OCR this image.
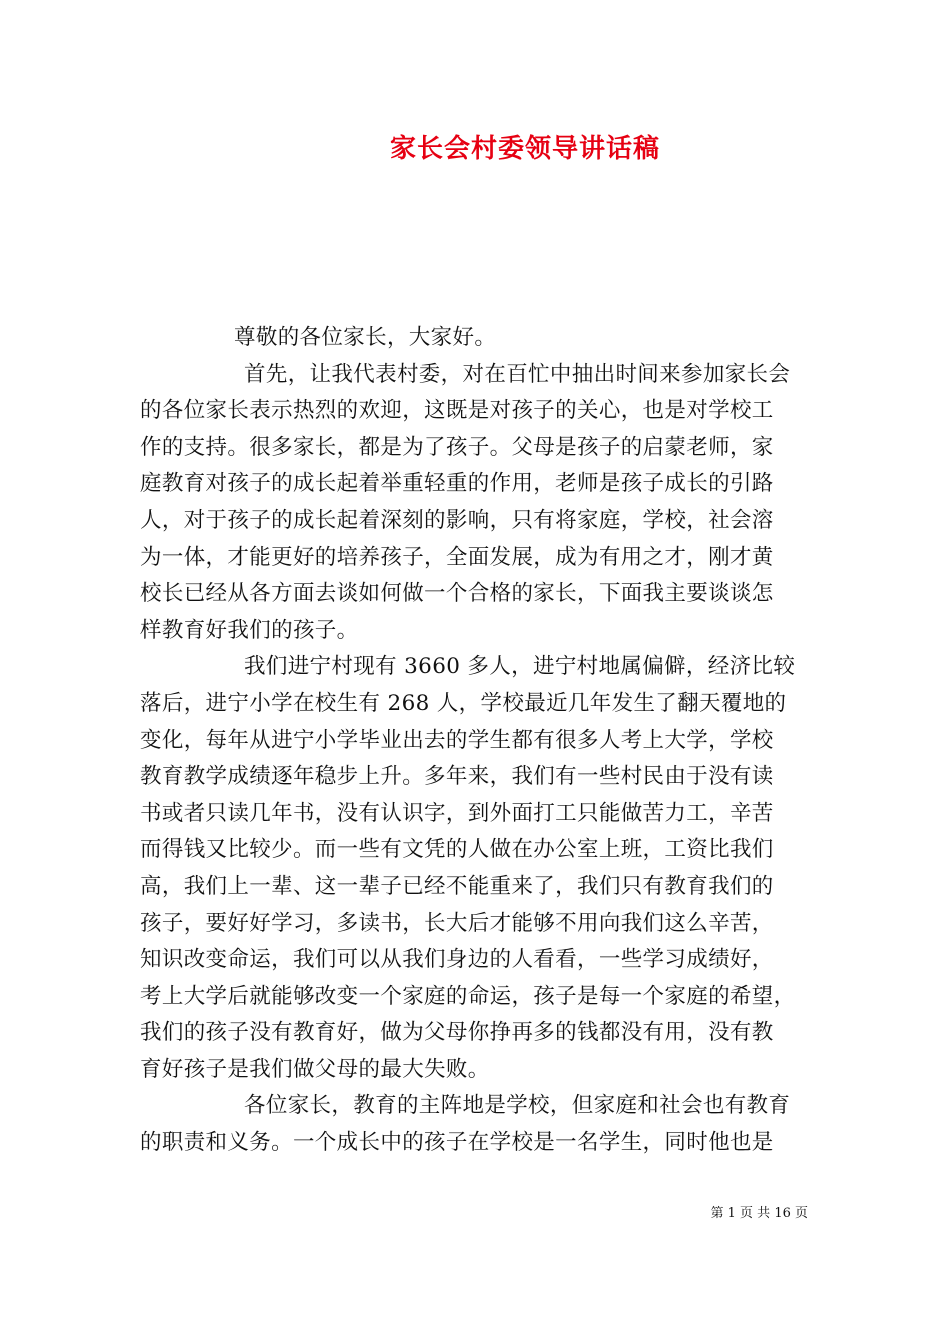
家长会村委领导讲话稿
尊敬的各位家长，大家好。
首先，让我代表村委，对在百忙中抽出时间来参加家长会
的各位家长表示热烈的欢迎，这既是对孩子的关心，也是对学校工
作的支持。很多家长，都是为了孩子。父母是孩子的启蒙老师，家
庭教育对孩子的成长起着举重轻重的作用，老师是孩子成长的引路
人，对于孩子的成长起着深刻的影响，只有将家庭，学校，社会溶
为一体，才能更好的培养孩子，全面发展，成为有用之才，刚才黄
校长已经从各方面去谈如何做一个合格的家长，下面我主要谈谈怎
样教育好我们的孩子。
我们进宁村现有 3660 多人，进宁村地属偏僻，经济比较
落后，进宁小学在校生有 268 人，学校最近几年发生了翻天覆地的
变化，每年从进宁小学毕业出去的学生都有很多人考上大学，学校
教育教学成绩逐年稳步上升。多年来，我们有一些村民由于没有读
书或者只读几年书，没有认识字，到外面打工只能做苦力工，辛苦
而得钱又比较少。而一些有文凭的人做在办公室上班，工资比我们
高，我们上一辈、这一辈子已经不能重来了，我们只有教育我们的
孩子，要好好学习，多读书，长大后才能够不用向我们这么辛苦，
知识改变命运，我们可以从我们身边的人看看，一些学习成绩好，
考上大学后就能够改变一个家庭的命运，孩子是每一个家庭的希望，
我们的孩子没有教育好，做为父母你挣再多的钱都没有用，没有教
育好孩子是我们做父母的最大失败。
各位家长，教育的主阵地是学校，但家庭和社会也有教育
的职责和义务。一个成长中的孩子在学校是一名学生，同时他也是
第 1 页 共 16 页
